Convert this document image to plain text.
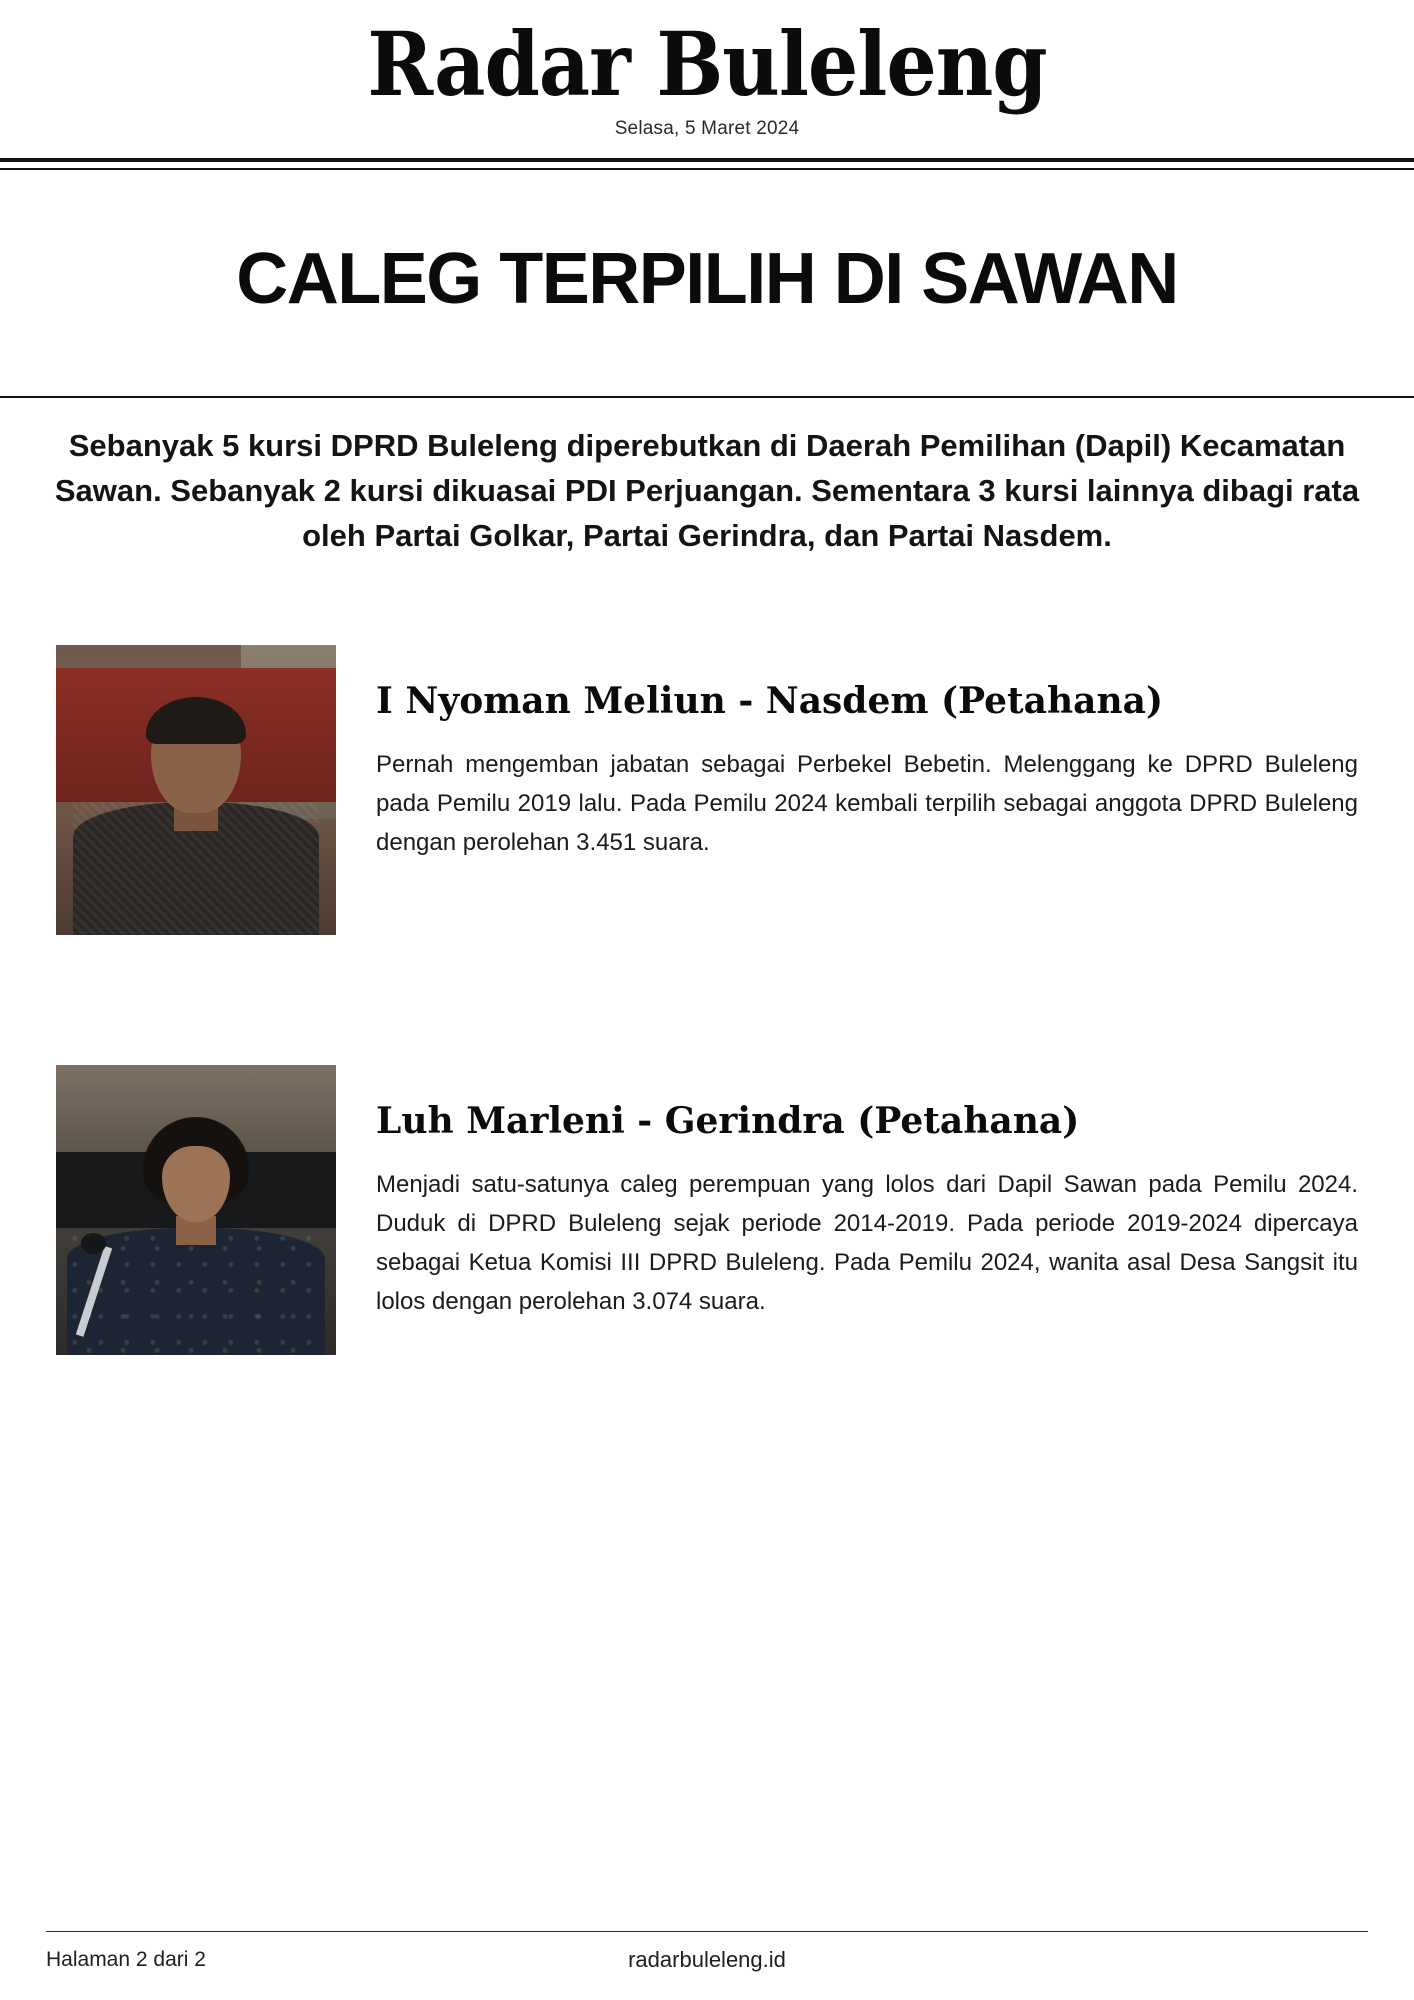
Radar Buleleng
Selasa, 5 Maret 2024
CALEG TERPILIH DI SAWAN
Sebanyak 5 kursi DPRD Buleleng diperebutkan di Daerah Pemilihan (Dapil) Kecamatan Sawan. Sebanyak 2 kursi dikuasai PDI Perjuangan. Sementara 3 kursi lainnya dibagi rata oleh Partai Golkar, Partai Gerindra, dan Partai Nasdem.
I Nyoman Meliun - Nasdem (Petahana)

Pernah mengemban jabatan sebagai Perbekel Bebetin. Melenggang ke DPRD Buleleng pada Pemilu 2019 lalu. Pada Pemilu 2024 kembali terpilih sebagai anggota DPRD Buleleng dengan perolehan 3.451 suara.

Luh Marleni - Gerindra (Petahana)

Menjadi satu-satunya caleg perempuan yang lolos dari Dapil Sawan pada Pemilu 2024. Duduk di DPRD Buleleng sejak periode 2014-2019. Pada periode 2019-2024 dipercaya sebagai Ketua Komisi III DPRD Buleleng. Pada Pemilu 2024, wanita asal Desa Sangsit itu lolos dengan perolehan 3.074 suara.

Halaman 2 dari 2	radarbuleleng.id
